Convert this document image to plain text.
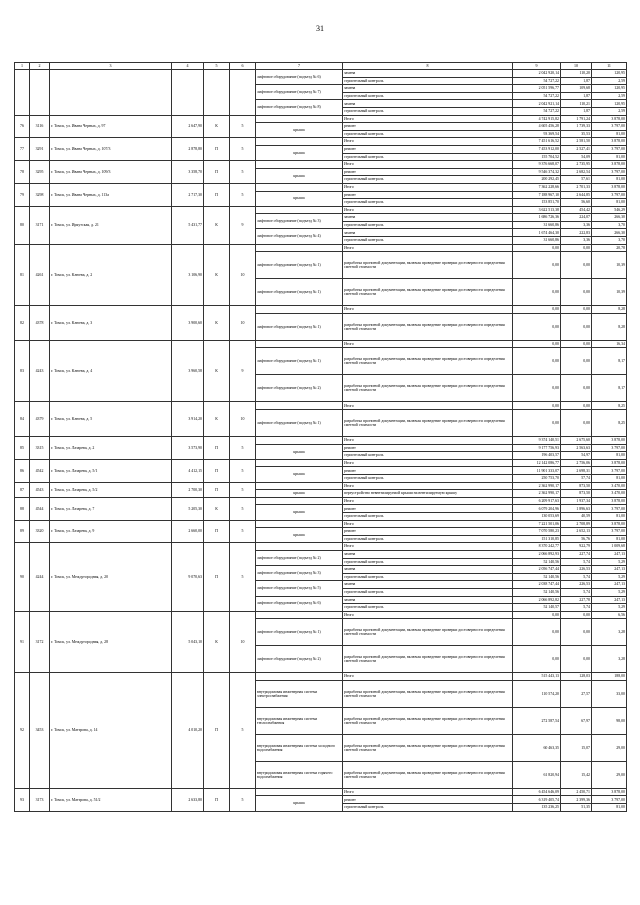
31
1	2	3	4	5	6	7	8	9	10	11
						лифтовое оборудование (подъезд № 6)	замена	2 042 920,14	110,20	120,95
							строительный контроль	54 727,22	1,87	2,59
						лифтовое оборудование (подъезд № 7)	замена	2 051 596,77	109,68	120,95
							строительный контроль	54 727,22	1,87	2,59
						лифтовое оборудование (подъезд № 8)	замена	2 042 921,14	110,21	120,95
							строительный контроль	54 727,22	1,87	2,59
76	3116	г. Томск, ул. Ивана Черных, д. 97	2 647,90	К	5		Итого	4 742 915,82	1 791,24	3 878,00
						крыша	ремонт	4 605 456,28	1 739,33	3 797,00
							строительный контроль	93 369,54	35,53	81,00
77	3291	г. Томск, ул. Ивана Черных, д. 107/3	2 878,80	П	5		Итого	7 451 616,52	2 581,50	3 878,00
						крыша	ремонт	7 453 912,00	2 527,41	3 797,00
							строительный контроль	155 704,52	54,09	81,00
78	3295	г. Томск, ул. Ивана Черных, д. 109/3	3 358,70	П	5		Итого	9 376 668,07	2 735,95	3 878,00
						крыша	ремонт	9 546 374,32	2 682,54	3 797,00
							строительный контроль	200 292,45	57,61	81,00
79	3298	г. Томск, ул. Ивана Черных, д. 113а	2 717,30	П	5		Итого	7 362 228,66	2 701,33	3 878,00
						крыша	ремонт	7 188 967,10	2 644,85	3 797,00
							строительный контроль	153 851,70	56,60	81,00
80	3171	г. Томск, ул. Иркутская, д. 21	5 431,77	К	9		Итого	3 622 513,38	454,42	546,29
						лифтовое оборудование (подъезд № 3)	замена	1 686 726,36	224,07	266,30
							строительный контроль	31 660,86	3,36	3,70
						лифтовое оборудование (подъезд № 4)	замена	1 674 464,30	222,83	266,30
							строительный контроль	31 660,86	3,36	3,70
81	4261	г. Томск, ул. Клюева, д. 2	3 106,90	К	10		Итого	0,00	0,00	20,78
						лифтовое оборудование (подъезд № 1)	разработка проектной документации, включая проведение проверки достоверности определения сметной стоимости	0,00	0,00	10,39
						лифтовое оборудование (подъезд № 1)	разработка проектной документации, включая проведение проверки достоверности определения сметной стоимости	0,00	0,00	10,39
82	4378	г. Томск, ул. Клюева, д. 3	3 900,60	К	10		Итого	0,00	0,00	8,28
						лифтовое оборудование (подъезд № 1)	разработка проектной документации, включая проведение проверки достоверности определения сметной стоимости	0,00	0,00	8,28
83	4243	г. Томск, ул. Клюева, д. 4	3 960,58	К	9		Итого	0,00	0,00	16,34
						лифтовое оборудование (подъезд № 1)	разработка проектной документации, включая проведение проверки достоверности определения сметной стоимости	0,00	0,00	8,17
						лифтовое оборудование (подъезд № 2)	разработка проектной документации, включая проведение проверки достоверности определения сметной стоимости	0,00	0,00	8,17
84	4379	г. Томск, ул. Клюева, д. 5	3 914,20	К	10		Итого	0,00	0,00	8,25
						лифтовое оборудование (подъезд № 1)	разработка проектной документации, включая проведение проверки достоверности определения сметной стоимости	0,00	0,00	8,25
85	3315	г. Томск, ул. Лазарева, д. 2	3 573,90	П	5		Итого	9 374 140,51	2 675,60	3 878,00
						крыша	ремонт	9 177 756,93	2 563,63	3 797,00
							строительный контроль	196 403,57	54,97	81,00
86	4542	г. Томск, ул. Лазарева, д. 5/1	4 412,15	П	5		Итого	12 142 086,77	2 756,06	3 878,00
						крыша	ремонт	11 901 333,07	2 698,31	3 797,00
							строительный контроль	250 753,70	57,74	81,00
87	4543	г. Томск, ул. Лазарева, д. 5/2	2 700,30	П	5		Итого	2 362 990,17	873,50	3 470,00
						крыша	переустройство невентилируемой крыши на вентилируемую крышу	2 362 990,17	873,50	3 470,00
88	4544	г. Томск, ул. Лазарева, д. 7	5 205,30	К	5		Итого	6 209 917,63	1 937,34	3 878,00
						крыша	ремонт	6 079 204,96	1 896,63	3 797,00
							строительный контроль	130 053,69	40,59	81,00
89	3320	г. Томск, ул. Лазарева, д. 9	2 660,00	П	5		Итого	7 221 501,06	2 708,89	3 878,00
						крыша	ремонт	7 070 580,23	2 652,13	3 797,00
							строительный контроль	151 310,85	56,76	81,00
90	4244	г. Томск, ул. Междугородная, д. 20	9 070,63	П	5		Итого	8 370 242,77	922,79	1 009,68
						лифтовое оборудование (подъезд № 2)	замена	2 066 892,93	227,74	247,13
							строительный контроль	52 140,56	5,74	5,29
						лифтовое оборудование (подъезд № 3)	замена	2 056 747,44	226,53	247,13
							строительный контроль	52 140,56	5,74	5,29
						лифтовое оборудование (подъезд № 5)	замена	2 038 747,44	226,53	247,13
							строительный контроль	52 140,56	5,74	5,29
						лифтовое оборудование (подъезд № 6)	замена	2 066 892,82	227,78	247,13
							строительный контроль	52 140,57	5,74	5,29
91	3172	г. Томск, ул. Междугородная, д. 28	5 043,10	К	10		Итого	0,00	0,00	6,56
						лифтовое оборудование (подъезд № 1)	разработка проектной документации, включая проведение проверки достоверности определения сметной стоимости	0,00	0,00	3,28
						лифтовое оборудование (подъезд № 2)	разработка проектной документации, включая проведение проверки достоверности определения сметной стоимости	0,00	0,00	3,28
92	3453	г. Томск, ул. Матэрова, д. 14	4 010,20	П	5		Итого	515 443,13	128,03	188,00
						внутридомовая инженерная система электроснабжения	разработка проектной документации, включая проведение проверки достоверности определения сметной стоимости	110 574,20	27,57	33,00
						внутридомовая инженерная система теплоснабжения	разработка проектной документации, включая проведение проверки достоверности определения сметной стоимости	272 587,54	67,97	98,00
						внутридомовая инженерная система холодного водоснабжения	разработка проектной документации, включая проведение проверки достоверности определения сметной стоимости	60 463,35	15,07	29,00
						внутридомовая инженерная система горячего водоснабжения	разработка проектной документации, включая проведение проверки достоверности определения сметной стоимости	61 820,94	15,42	29,00
93	3173	г. Томск, ул. Матэрова, д. 51/2	2 633,80	П	5		Итого	6 454 646,09	2 450,71	3 878,00
						крыша	ремонт	6 319 405,74	2 399,36	3 797,00
							строительный контроль	135 236,25	51,35	81,00
